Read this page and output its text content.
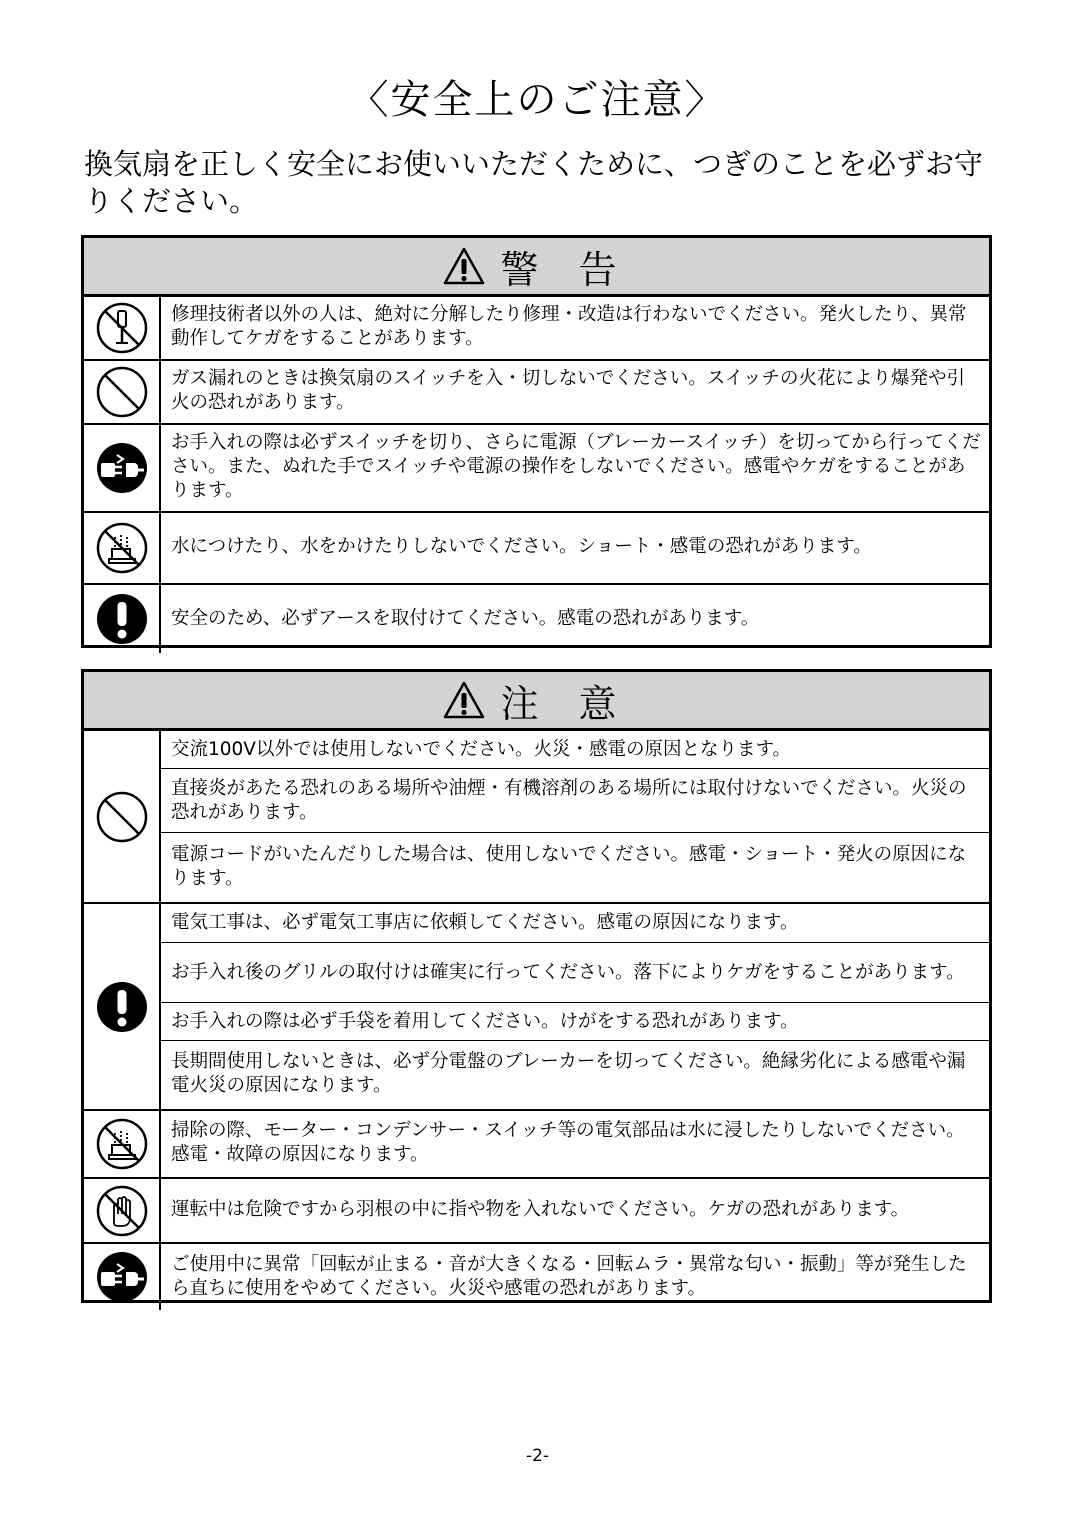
〈安全上のご注意〉
換気扇を正しく安全にお使いいただくために、つぎのことを必ずお守りください。
警 告
修理技術者以外の人は、絶対に分解したり修理・改造は行わないでください。発火したり、異常動作してケガをすることがあります。
ガス漏れのときは換気扇のスイッチを入・切しないでください。スイッチの火花により爆発や引火の恐れがあります。
お手入れの際は必ずスイッチを切り、さらに電源（ブレーカースイッチ）を切ってから行ってください。また、ぬれた手でスイッチや電源の操作をしないでください。感電やケガをすることがあります。
水につけたり、水をかけたりしないでください。ショート・感電の恐れがあります。
安全のため、必ずアースを取付けてください。感電の恐れがあります。
注 意
交流100V以外では使用しないでください。火災・感電の原因となります。
直接炎があたる恐れのある場所や油煙・有機溶剤のある場所には取付けないでください。火災の恐れがあります。
電源コードがいたんだりした場合は、使用しないでください。感電・ショート・発火の原因になります。
電気工事は、必ず電気工事店に依頼してください。感電の原因になります。
お手入れ後のグリルの取付けは確実に行ってください。落下によりケガをすることがあります。
お手入れの際は必ず手袋を着用してください。けがをする恐れがあります。
長期間使用しないときは、必ず分電盤のブレーカーを切ってください。絶縁劣化による感電や漏電火災の原因になります。
掃除の際、モーター・コンデンサー・スイッチ等の電気部品は水に浸したりしないでください。感電・故障の原因になります。
運転中は危険ですから羽根の中に指や物を入れないでください。ケガの恐れがあります。
ご使用中に異常「回転が止まる・音が大きくなる・回転ムラ・異常な匂い・振動」等が発生したら直ちに使用をやめてください。火災や感電の恐れがあります。
-2-
